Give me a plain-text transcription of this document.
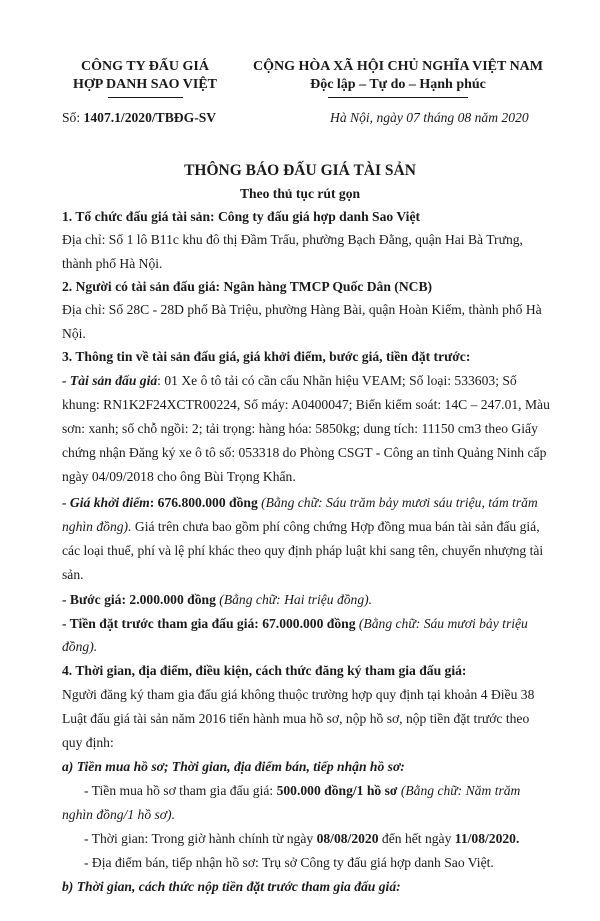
CÔNG TY ĐẤU GIÁ
HỢP DANH SAO VIỆT
CỘNG HÒA XÃ HỘI CHỦ NGHĨA VIỆT NAM
Độc lập – Tự do – Hạnh phúc
Số: 1407.1/2020/TBĐG-SV	Hà Nội, ngày 07 tháng 08 năm 2020
THÔNG BÁO ĐẤU GIÁ TÀI SẢN
Theo thủ tục rút gọn
1. Tổ chức đấu giá tài sản: Công ty đấu giá hợp danh Sao Việt
Địa chỉ: Số 1 lô B11c khu đô thị Đầm Trấu, phường Bạch Đằng, quận Hai Bà Trưng,
thành phố Hà Nội.
2. Người có tài sản đấu giá: Ngân hàng TMCP Quốc Dân (NCB)
Địa chỉ: Số 28C - 28D phố Bà Triệu, phường Hàng Bài, quận Hoàn Kiếm, thành phố Hà
Nội.
3. Thông tin về tài sản đấu giá, giá khởi điểm, bước giá, tiền đặt trước:
- Tài sản đấu giá: 01 Xe ô tô tải có cần cẩu Nhãn hiệu VEAM; Số loại: 533603; Số
khung: RN1K2F24XCTR00224, Số máy: A0400047; Biển kiểm soát: 14C – 247.01, Màu
sơn: xanh; số chỗ ngồi: 2; tải trọng: hàng hóa: 5850kg; dung tích: 11150 cm3 theo Giấy
chứng nhận Đăng ký xe ô tô số: 053318 do Phòng CSGT - Công an tỉnh Quảng Ninh cấp
ngày 04/09/2018 cho ông Bùi Trọng Khẩn.
- Giá khởi điểm: 676.800.000 đồng (Bằng chữ: Sáu trăm bảy mươi sáu triệu, tám trăm
nghìn đồng). Giá trên chưa bao gồm phí công chứng Hợp đồng mua bán tài sản đấu giá,
các loại thuế, phí và lệ phí khác theo quy định pháp luật khi sang tên, chuyển nhượng tài
sản.
- Bước giá: 2.000.000 đồng (Bằng chữ: Hai triệu đồng).
- Tiền đặt trước tham gia đấu giá: 67.000.000 đồng (Bằng chữ: Sáu mươi bảy triệu
đồng).
4. Thời gian, địa điểm, điều kiện, cách thức đăng ký tham gia đấu giá:
Người đăng ký tham gia đấu giá không thuộc trường hợp quy định tại khoản 4 Điều 38
Luật đấu giá tài sản năm 2016 tiến hành mua hồ sơ, nộp hồ sơ, nộp tiền đặt trước theo
quy định:
a) Tiền mua hồ sơ; Thời gian, địa điểm bán, tiếp nhận hồ sơ:
- Tiền mua hồ sơ tham gia đấu giá: 500.000 đồng/1 hồ sơ (Bằng chữ: Năm trăm
nghìn đồng/1 hồ sơ).
- Thời gian: Trong giờ hành chính từ ngày 08/08/2020 đến hết ngày 11/08/2020.
- Địa điểm bán, tiếp nhận hồ sơ: Trụ sở Công ty đấu giá hợp danh Sao Việt.
b) Thời gian, cách thức nộp tiền đặt trước tham gia đấu giá:
